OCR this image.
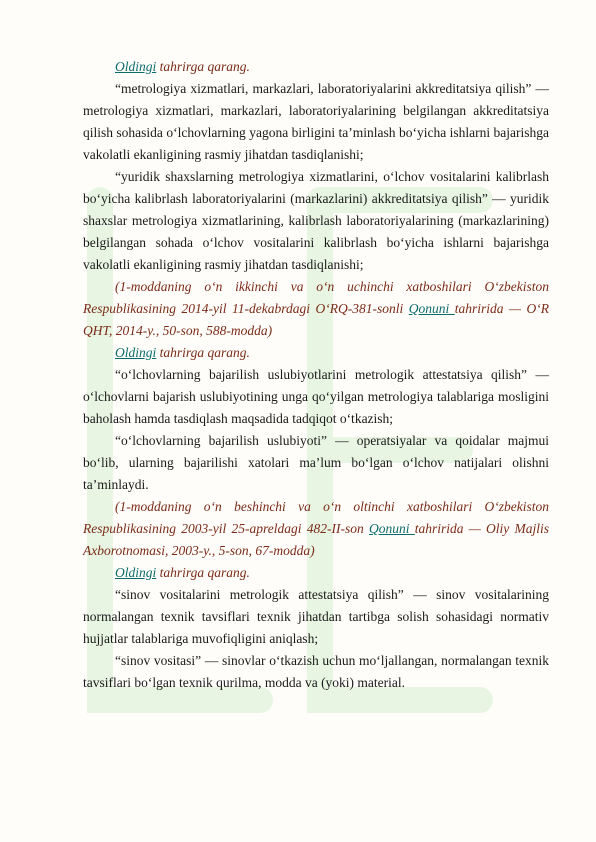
Oldingi tahrirga qarang.

“metrologiya xizmatlari, markazlari, laboratoriyalarini akkreditatsiya qilish” — metrologiya xizmatlari, markazlari, laboratoriyalarining belgilangan akkreditatsiya qilish sohasida o‘lchovlarning yagona birligini ta’minlash bo‘yicha ishlarni bajarishga vakolatli ekanligining rasmiy jihatdan tasdiqlanishi;

“yuridik shaxslarning metrologiya xizmatlarini, o‘lchov vositalarini kalibrlash bo‘yicha kalibrlash laboratoriyalarini (markazlarini) akkreditatsiya qilish” — yuridik shaxslar metrologiya xizmatlarining, kalibrlash laboratoriyalarining (markazlarining) belgilangan sohada o‘lchov vositalarini kalibrlash bo‘yicha ishlarni bajarishga vakolatli ekanligining rasmiy jihatdan tasdiqlanishi;

(1-moddaning o‘n ikkinchi va o‘n uchinchi xatboshilari O‘zbekiston Respublikasining 2014-yil 11-dekabrdagi O‘RQ-381-sonli Qonuni tahririda — O‘R QHT, 2014-y., 50-son, 588-modda)

Oldingi tahrirga qarang.

“o‘lchovlarning bajarilish uslubiyotlarini metrologik attestatsiya qilish” — o‘lchovlarni bajarish uslubiyotining unga qo‘yilgan metrologiya talablariga mosligini baholash hamda tasdiqlash maqsadida tadqiqot o‘tkazish;

“o‘lchovlarning bajarilish uslubiyoti” — operatsiyalar va qoidalar majmui bo‘lib, ularning bajarilishi xatolari ma’lum bo‘lgan o‘lchov natijalari olishni ta’minlaydi.

(1-moddaning o‘n beshinchi va o‘n oltinchi xatboshilari O‘zbekiston Respublikasining 2003-yil 25-apreldagi 482-II-son Qonuni tahririda — Oliy Majlis Axborotnomasi, 2003-y., 5-son, 67-modda)

Oldingi tahrirga qarang.

“sinov vositalarini metrologik attestatsiya qilish” — sinov vositalarining normalangan texnik tavsiflari texnik jihatdan tartibga solish sohasidagi normativ hujjatlar talablariga muvofiqligini aniqlash;

“sinov vositasi” — sinovlar o‘tkazish uchun mo‘ljallangan, normalangan texnik tavsiflari bo‘lgan texnik qurilma, modda va (yoki) material.
